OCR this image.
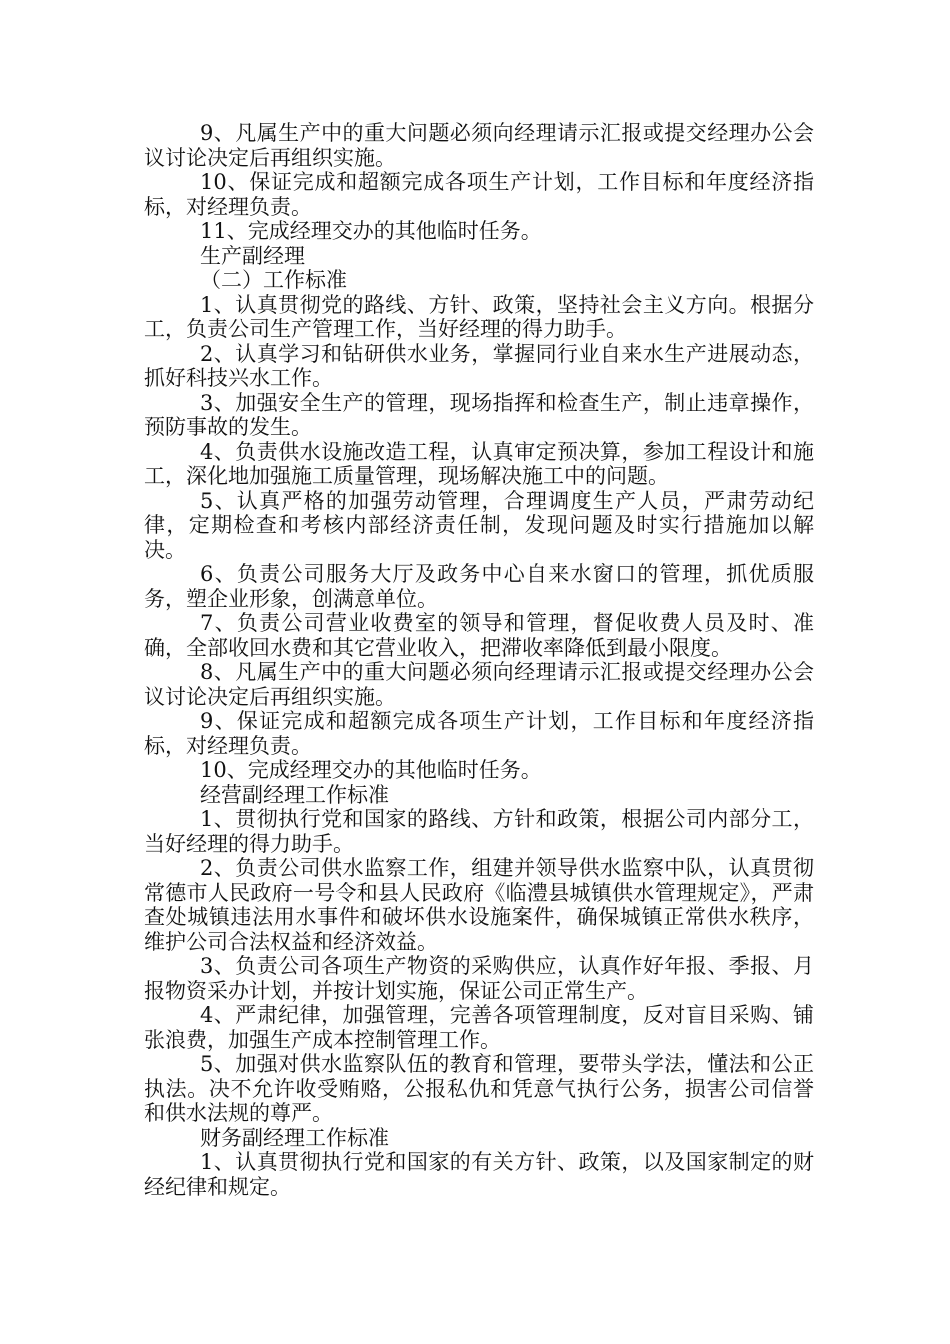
9、凡属生产中的重大问题必须向经理请示汇报或提交经理办公会议讨论决定后再组织实施。

10、保证完成和超额完成各项生产计划，工作目标和年度经济指标，对经理负责。

11、完成经理交办的其他临时任务。

生产副经理

（二）工作标准

1、认真贯彻党的路线、方针、政策，坚持社会主义方向。根据分工，负责公司生产管理工作，当好经理的得力助手。

2、认真学习和钻研供水业务，掌握同行业自来水生产进展动态，抓好科技兴水工作。

3、加强安全生产的管理，现场指挥和检查生产，制止违章操作，预防事故的发生。

4、负责供水设施改造工程，认真审定预决算，参加工程设计和施工，深化地加强施工质量管理，现场解决施工中的问题。

5、认真严格的加强劳动管理，合理调度生产人员，严肃劳动纪律，定期检查和考核内部经济责任制，发现问题及时实行措施加以解决。

6、负责公司服务大厅及政务中心自来水窗口的管理，抓优质服务，塑企业形象，创满意单位。

7、负责公司营业收费室的领导和管理，督促收费人员及时、准确，全部收回水费和其它营业收入，把滞收率降低到最小限度。

8、凡属生产中的重大问题必须向经理请示汇报或提交经理办公会议讨论决定后再组织实施。

9、保证完成和超额完成各项生产计划，工作目标和年度经济指标，对经理负责。

10、完成经理交办的其他临时任务。

经营副经理工作标准

1、贯彻执行党和国家的路线、方针和政策，根据公司内部分工，当好经理的得力助手。

2、负责公司供水监察工作，组建并领导供水监察中队，认真贯彻常德市人民政府一号令和县人民政府《临澧县城镇供水管理规定》，严肃查处城镇违法用水事件和破坏供水设施案件，确保城镇正常供水秩序，维护公司合法权益和经济效益。

3、负责公司各项生产物资的采购供应，认真作好年报、季报、月报物资采办计划，并按计划实施，保证公司正常生产。

4、严肃纪律，加强管理，完善各项管理制度，反对盲目采购、铺张浪费，加强生产成本控制管理工作。

5、加强对供水监察队伍的教育和管理，要带头学法，懂法和公正执法。决不允许收受贿赂，公报私仇和凭意气执行公务，损害公司信誉和供水法规的尊严。

财务副经理工作标准

1、认真贯彻执行党和国家的有关方针、政策，以及国家制定的财经纪律和规定。
